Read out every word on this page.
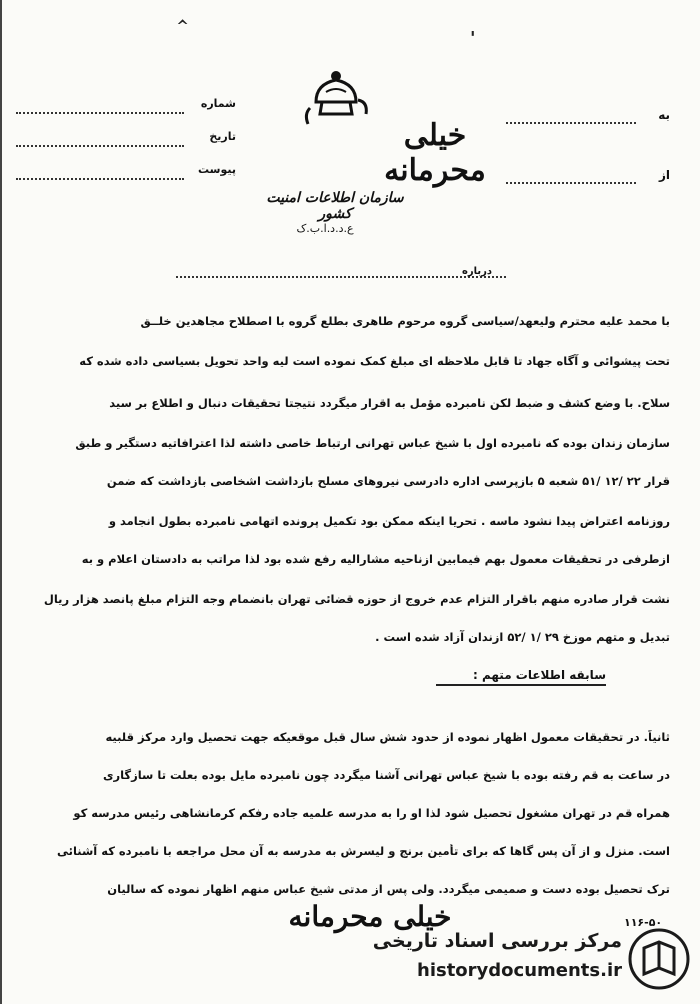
‸
'
خیلی محرمانه
سازمان اطلاعات امنیت کشور
ع.د.د.ا.ب.ک
شماره
تاریخ
پیوست
به
از
درباره
با محمد علیه محترم ولیعهد/سیاسی گروه مرحوم طاهری بطلع گروه با اصطلاح مجاهدین خلــق
تحت پیشوائی و آگاه جهاد تا قابل ملاحظه ای مبلغ کمک نموده است لیه واحد تحویل بسیاسی داده شده که
سلاح. با وضع کشف و ضبط لکن نامبرده مؤمل به اقرار میگردد نتیجتا تحقیقات دنبال و اطلاع بر سید
سازمان زندان بوده که نامبرده اول با شیخ عباس تهرانی ارتباط خاصی داشته لذا اعترافاتیه دستگیر و طبق
قرار ۲۲ /۱۲ /۵۱ شعبه ۵ بازپرسی اداره دادرسی نیروهای مسلح بازداشت اشخاصی بازداشت که ضمن
روزنامه اعتراض پیدا نشود ماسه . تحریا اینکه ممکن بود تکمیل پرونده اتهامی نامبرده بطول انجامد و
ازطرفی در تحقیقات معمول بهم فیمابین ازناحیه مشارالیه رفع شده بود لذا مراتب به دادستان اعلام و به
نشت قرار صادره منهم باقرار التزام عدم خروج از حوزه قضائی تهران بانضمام وجه التزام مبلغ پانصد هزار ریال
تبدیل و متهم موزخ ۲۹ /۱ /۵۲ ازندان آزاد شده است .
سابقه اطلاعات متهم :
ثانیاً. در تحقیقات معمول اظهار نموده از حدود شش سال قبل موقعیکه جهت تحصیل وارد مرکز قلبیه
در ساعت به قم رفته بوده با شیخ عباس تهرانی آشنا میگردد چون نامبرده مایل بوده بعلت تا سازگاری
همراه قم در تهران مشغول تحصیل شود لذا او را به مدرسه علمیه جاده رفکم کرمانشاهی رئیس مدرسه کو
است. منزل و از آن پس گاها که برای تأمین برنج و لیسرش به مدرسه به آن محل مراجعه با نامبرده که آشنائی
ترک تحصیل بوده دست و صمیمی میگردد. ولی پس از مدتی شیخ عباس منهم اظهار نموده که سالیان
خیلی محرمانه	۱۱۶-۵۰
مرکز بررسی اسناد تاریخی
historydocuments.ir
